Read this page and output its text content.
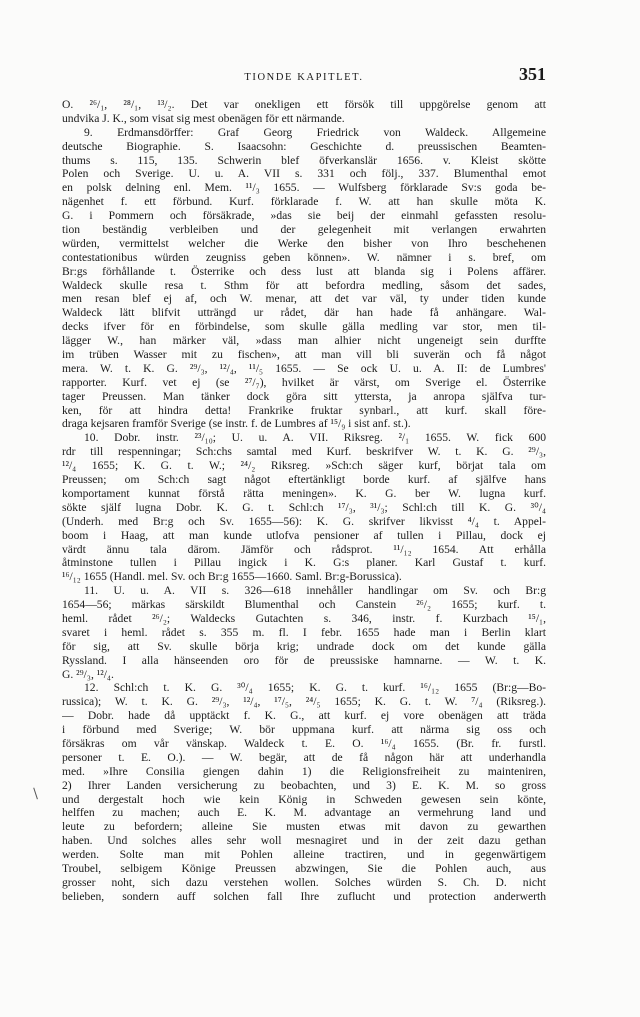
TIONDE KAPITLET.	351
O. ²⁶/₁, ²⁸/₁, ¹³/₂. Det var onekligen ett försök till uppgörelse genom att
undvika J. K., som visat sig mest obenägen för ett närmande.
9. Erdmansdörffer: Graf Georg Friedrick von Waldeck. Allgemeine
deutsche Biographie. S. Isaacsohn: Geschichte d. preussischen Beamten-
thums s. 115, 135. Schwerin blef öfverkanslär 1656. v. Kleist skötte
Polen och Sverige. U. u. A. VII s. 331 och följ., 337. Blumenthal emot
en polsk delning enl. Mem. ¹¹/₃ 1655. — Wulfsberg förklarade Sv:s goda be-
nägenhet f. ett förbund. Kurf. förklarade f. W. att han skulle möta K.
G. i Pommern och försäkrade, »das sie beij der einmahl gefassten resolu-
tion beständig verbleiben und der gelegenheit mit verlangen erwahrten
würden, vermittelst welcher die Werke den bisher von Ihro beschehenen
contestationibus würden zeugniss geben können». W. nämner i s. bref, om
Br:gs förhållande t. Österrike och dess lust att blanda sig i Polens affärer.
Waldeck skulle resa t. Sthm för att befordra medling, såsom det sades,
men resan blef ej af, och W. menar, att det var väl, ty under tiden kunde
Waldeck lätt blifvit utträngd ur rådet, där han hade få anhängare. Wal-
decks ifver för en förbindelse, som skulle gälla medling var stor, men til-
lägger W., han märker väl, »dass man alhier nicht ungeneigt sein durffte
im trüben Wasser mit zu fischen», att man vill bli suverän och få något
mera. W. t. K. G. ²⁹/₃, ¹²/₄, ¹¹/₅ 1655. — Se ock U. u. A. II: de Lumbres'
rapporter. Kurf. vet ej (se ²⁷/₇), hvilket är värst, om Sverige el. Österrike
tager Preussen. Man tänker dock göra sitt yttersta, ja anropa själfva tur-
ken, för att hindra detta! Frankrike fruktar synbarl., att kurf. skall före-
draga kejsaren framför Sverige (se instr. f. de Lumbres af ¹⁵/₉ i sist anf. st.).
10. Dobr. instr. ²³/₁₀; U. u. A. VII. Riksreg. ²/₁ 1655. W. fick 600
rdr till respenningar; Sch:chs samtal med Kurf. beskrifver W. t. K. G. ²⁹/₃,
¹²/₄ 1655; K. G. t. W.; ²⁴/₂ Riksreg. »Sch:ch säger kurf, börjat tala om
Preussen; om Sch:ch sagt något eftertänkligt borde kurf. af själfve hans
komportament kunnat förstå rätta meningen». K. G. ber W. lugna kurf.
sökte själf lugna Dobr. K. G. t. Schl:ch ¹⁷/₃, ³¹/₃; Schl:ch till K. G. ³⁰/₄
(Underh. med Br:g och Sv. 1655—56): K. G. skrifver likvisst ⁴/₄ t. Appel-
boom i Haag, att man kunde utlofva pensioner af tullen i Pillau, dock ej
värdt ännu tala därom. Jämför och rådsprot. ¹¹/₁₂ 1654. Att erhålla
åtminstone tullen i Pillau ingick i K. G:s planer. Karl Gustaf t. kurf.
¹⁶/₁₂ 1655 (Handl. mel. Sv. och Br:g 1655—1660. Saml. Br:g-Borussica).
11. U. u. A. VII s. 326—618 innehåller handlingar om Sv. och Br:g
1654—56; märkas särskildt Blumenthal och Canstein ²⁶/₂ 1655; kurf. t.
heml. rådet ²⁶/₂; Waldecks Gutachten s. 346, instr. f. Kurzbach ¹⁵/₁,
svaret i heml. rådet s. 355 m. fl. I febr. 1655 hade man i Berlin klart
för sig, att Sv. skulle börja krig; undrade dock om det kunde gälla
Ryssland. I alla hänseenden oro för de preussiske hamnarne. — W. t. K.
G. ²⁹/₃, ¹²/₄.
12. Schl:ch t. K. G. ³⁰/₄ 1655; K. G. t. kurf. ¹⁶/₁₂ 1655 (Br:g—Bo-
russica); W. t. K. G. ²⁹/₃, ¹²/₄, ¹⁷/₅, ²⁴/₅ 1655; K. G. t. W. ⁷/₄ (Riksreg.).
— Dobr. hade då upptäckt f. K. G., att kurf. ej vore obenägen att träda
i förbund med Sverige; W. bör uppmana kurf. att närma sig oss och
försäkras om vår vänskap. Waldeck t. E. O. ¹⁶/₄ 1655. (Br. fr. furstl.
personer t. E. O.). — W. begär, att de få någon här att underhandla
med. »Ihre Consilia giengen dahin 1) die Religionsfreiheit zu mainteniren,
2) Ihrer Landen versicherung zu beobachten, und 3) E. K. M. so gross
und dergestalt hoch wie kein König in Schweden gewesen sein könte,
helffen zu machen; auch E. K. M. advantage an vermehrung land und
leute zu befordern; alleine Sie musten etwas mit davon zu gewarthen
haben. Und solches alles sehr woll mesnagiret und in der zeit dazu gethan
werden. Solte man mit Pohlen alleine tractiren, und in gegenwärtigem
Troubel, selbigem Könige Preussen abzwingen, Sie die Pohlen auch, aus
grosser noht, sich dazu verstehen wollen. Solches würden S. Ch. D. nicht
belieben, sondern auff solchen fall Ihre zuflucht und protection anderwerth
